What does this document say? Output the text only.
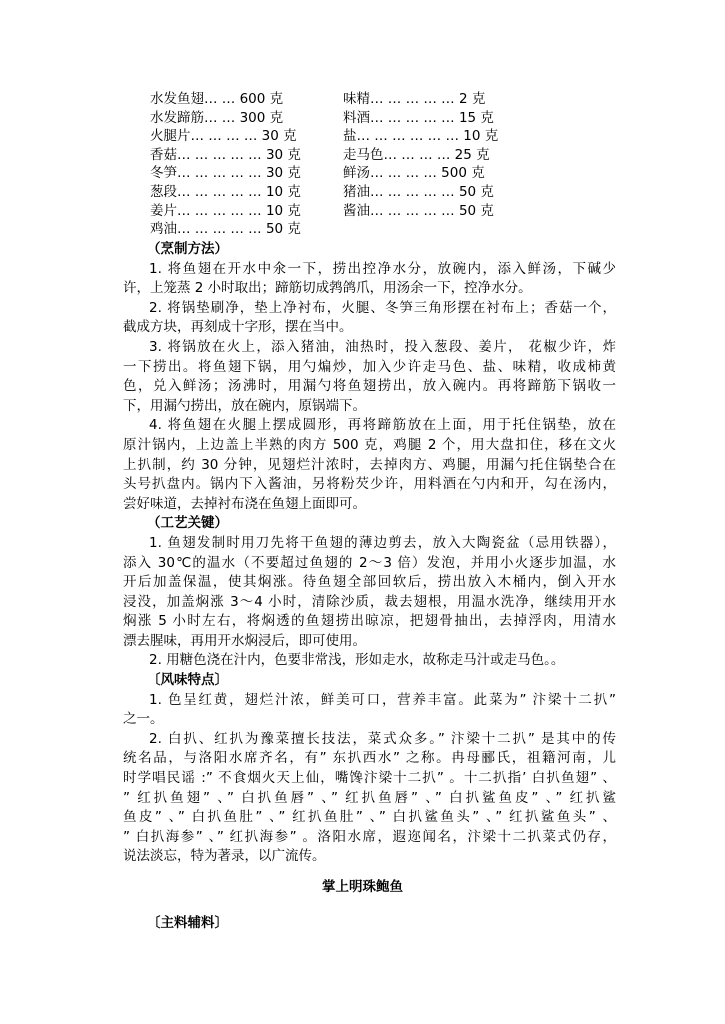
水发鱼翅… … 600 克
水发蹄筋… … 300 克
火腿片… … … … 30 克
香菇… … … … … 30 克
冬笋… … … … … 30 克
葱段… … … … … 10 克
姜片… … … … … 10 克
鸡油… … … … … 50 克
味精… … … … … 2 克
料酒… … … … … 15 克
盐… … … … … … 10 克
走马色… … … … 25 克
鲜汤… … … … 500 克
猪油… … … … … 50 克
酱油… … … … … 50 克
（烹制方法）
1. 将鱼翅在开水中氽一下，捞出控净水分，放碗内，添入鲜汤，下碱少
许，上笼蒸 2 小时取出；蹄筋切成鹁鸽爪，用汤余一下，控净水分。
2. 将锅垫刷净，垫上净衬布，火腿、冬笋三角形摆在衬布上；香菇一个，
截成方块，再刻成十字形，摆在当中。
3. 将锅放在火上，添入猪油，油热时，投入葱段、姜片， 花椒少许，炸
一下捞出。将鱼翅下锅，用勺煸炒，加入少许走马色、盐、味精，收成柿黄
色，兑入鲜汤；汤沸时，用漏勺将鱼翅捞出，放入碗内。再将蹄筋下锅收一
下，用漏勺捞出，放在碗内，原锅端下。
4. 将鱼翅在火腿上摆成圆形，再将蹄筋放在上面，用于托住锅垫，放在
原汁锅内，上边盖上半熟的肉方 500 克，鸡腿 2 个，用大盘扣住，移在文火
上扒制，约 30 分钟，见翅烂汁浓时，去掉肉方、鸡腿，用漏勺托住锅垫合在
头号扒盘内。锅内下入酱油，另将粉芡少许，用料酒在勺内和开，勾在汤内，
尝好味道，去掉衬布浇在鱼翅上面即可。
（工艺关键）
1. 鱼翅发制时用刀先将干鱼翅的薄边剪去，放入大陶瓷盆（忌用铁器），
添入 30℃的温水（不要超过鱼翅的 2～3 倍）发泡，并用小火逐步加温，水
开后加盖保温，使其焖涨。待鱼翅全部回软后，捞出放入木桶内，倒入开水
浸没，加盖焖涨 3～4 小时，清除沙质，裁去翅根，用温水洗净，继续用开水
焖涨 5 小时左右，将焖透的鱼翅捞出晾凉，把翅骨抽出，去掉浮肉，用清水
漂去腥味，再用开水焖浸后，即可使用。
2. 用糖色浇在汁内，色要非常浅，形如走水，故称走马汁或走马色。。
〔风味特点〕
1. 色呈红黄，翅烂汁浓，鲜美可口，营养丰富。此菜为” 汴梁十二扒”
之一。
2. 白扒、红扒为豫菜擅长技法，菜式众多。” 汴梁十二扒” 是其中的传
统名品，与洛阳水席齐名，有” 东扒西水” 之称。冉母郦氏，祖籍河南，儿
时学唱民谣 :” 不食烟火天上仙，嘴馋汴梁十二扒” 。十二扒指’ 白扒鱼翅” 、
” 红扒鱼翅” 、” 白扒鱼唇” 、” 红扒鱼唇” 、” 白扒鲨鱼皮” 、” 红扒鲨
鱼皮” 、” 白扒鱼肚” 、” 红扒鱼肚” 、” 白扒鲨鱼头” 、” 红扒鲨鱼头” 、
” 白扒海参” 、” 红扒海参” 。洛阳水席，遐迩闻名，汴梁十二扒菜式仍存，
说法淡忘，特为著录，以广流传。
掌上明珠鲍鱼
〔主料辅料〕
